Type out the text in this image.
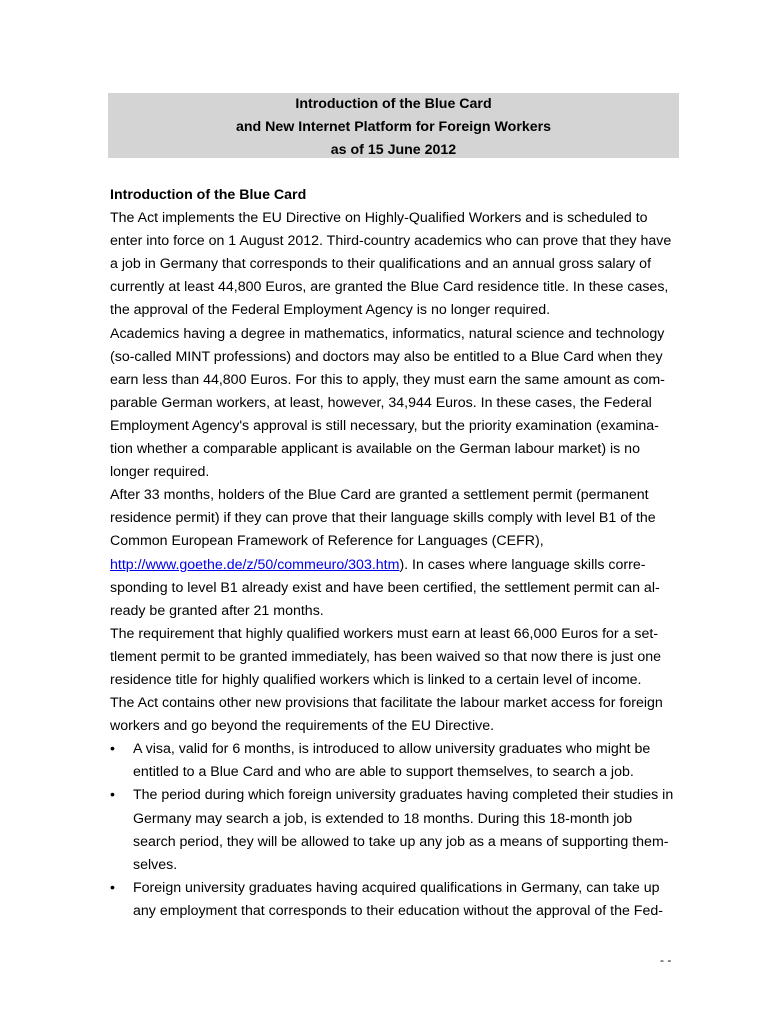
Introduction of the Blue Card
and New Internet Platform for Foreign Workers
as of 15 June 2012
Introduction of the Blue Card
The Act implements the EU Directive on Highly-Qualified Workers and is scheduled to
enter into force on 1 August 2012. Third-country academics who can prove that they have
a job in Germany that corresponds to their qualifications and an annual gross salary of
currently at least 44,800 Euros, are granted the Blue Card residence title. In these cases,
the approval of the Federal Employment Agency is no longer required.
Academics having a degree in mathematics, informatics, natural science and technology
(so-called MINT professions) and doctors may also be entitled to a Blue Card when they
earn less than 44,800 Euros. For this to apply, they must earn the same amount as com-
parable German workers, at least, however, 34,944 Euros. In these cases, the Federal
Employment Agency's approval is still necessary, but the priority examination (examina-
tion whether a comparable applicant is available on the German labour market) is no
longer required.
After 33 months, holders of the Blue Card are granted a settlement permit (permanent
residence permit) if they can prove that their language skills comply with level B1 of the
Common European Framework of Reference for Languages (CEFR),
http://www.goethe.de/z/50/commeuro/303.htm). In cases where language skills corre-
sponding to level B1 already exist and have been certified, the settlement permit can al-
ready be granted after 21 months.
The requirement that highly qualified workers must earn at least 66,000 Euros for a set-
tlement permit to be granted immediately, has been waived so that now there is just one
residence title for highly qualified workers which is linked to a certain level of income.
The Act contains other new provisions that facilitate the labour market access for foreign
workers and go beyond the requirements of the EU Directive.
• A visa, valid for 6 months, is introduced to allow university graduates who might be
entitled to a Blue Card and who are able to support themselves, to search a job.
• The period during which foreign university graduates having completed their studies in
Germany may search a job, is extended to 18 months. During this 18-month job
search period, they will be allowed to take up any job as a means of supporting them-
selves.
• Foreign university graduates having acquired qualifications in Germany, can take up
any employment that corresponds to their education without the approval of the Fed-
- -
